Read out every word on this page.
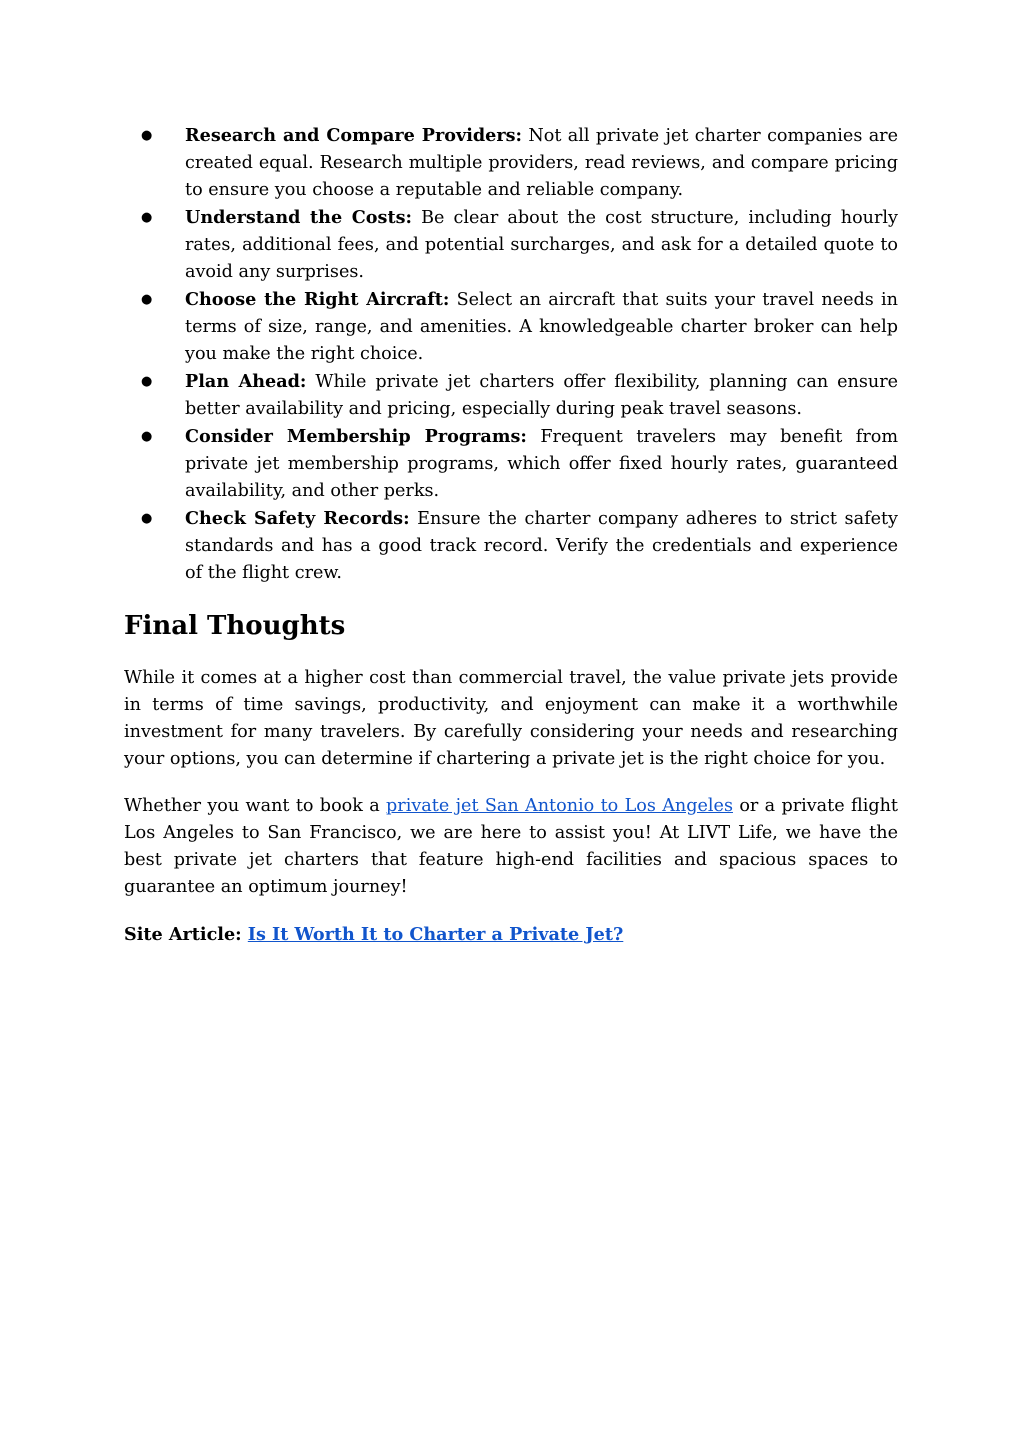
● Research and Compare Providers: Not all private jet charter companies are created equal. Research multiple providers, read reviews, and compare pricing to ensure you choose a reputable and reliable company.
● Understand the Costs: Be clear about the cost structure, including hourly rates, additional fees, and potential surcharges, and ask for a detailed quote to avoid any surprises.
● Choose the Right Aircraft: Select an aircraft that suits your travel needs in terms of size, range, and amenities. A knowledgeable charter broker can help you make the right choice.
● Plan Ahead: While private jet charters offer flexibility, planning can ensure better availability and pricing, especially during peak travel seasons.
● Consider Membership Programs: Frequent travelers may benefit from private jet membership programs, which offer fixed hourly rates, guaranteed availability, and other perks.
● Check Safety Records: Ensure the charter company adheres to strict safety standards and has a good track record. Verify the credentials and experience of the flight crew.
Final Thoughts

While it comes at a higher cost than commercial travel, the value private jets provide in terms of time savings, productivity, and enjoyment can make it a worthwhile investment for many travelers. By carefully considering your needs and researching your options, you can determine if chartering a private jet is the right choice for you.

Whether you want to book a private jet San Antonio to Los Angeles or a private flight Los Angeles to San Francisco, we are here to assist you! At LIVT Life, we have the best private jet charters that feature high-end facilities and spacious spaces to guarantee an optimum journey!

Site Article: Is It Worth It to Charter a Private Jet?
